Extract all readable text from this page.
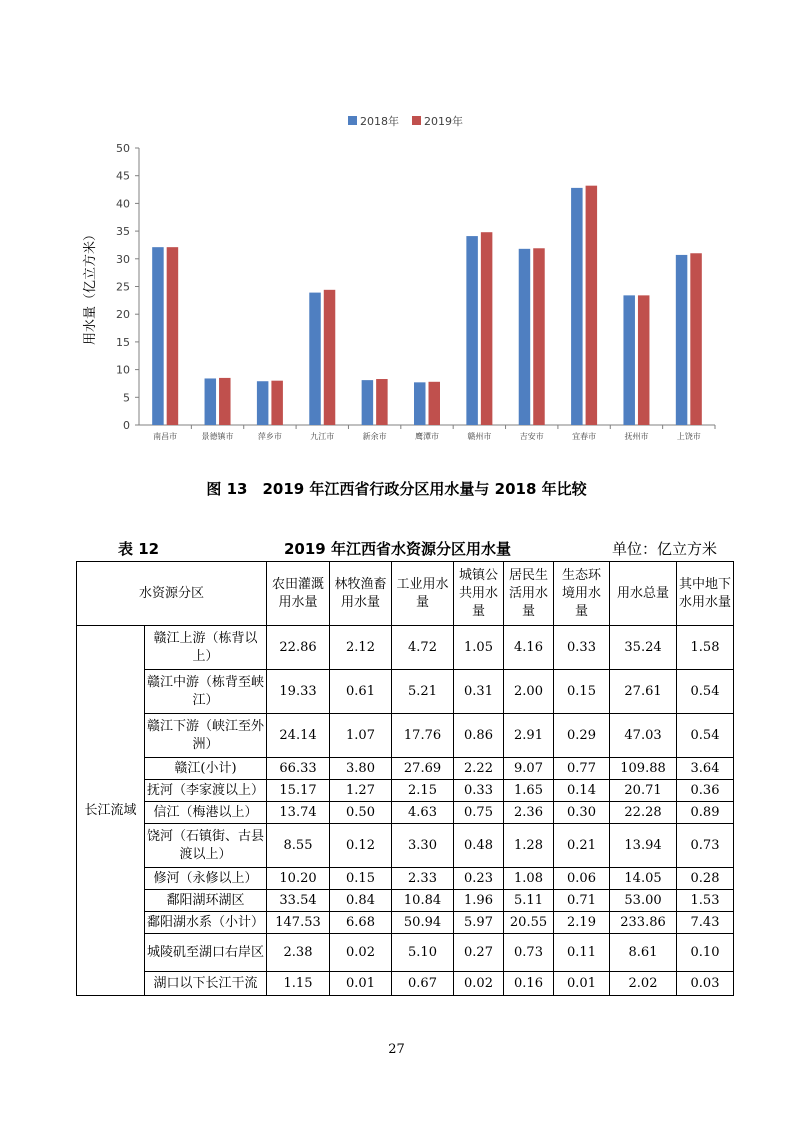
0
5
10
15
20
25
30
35
40
45
50
用水量（亿立方米）
南昌市	景德镇市	萍乡市	九江市	新余市	鹰潭市	赣州市	吉安市	宜春市	抚州市	上饶市
2018年 2019年
图 13　2019 年江西省行政分区用水量与 2018 年比较
表 12	2019 年江西省水资源分区用水量	单位：亿立方米
水资源分区		农田灌溉用水量	林牧渔畜用水量	工业用水量	城镇公共用水量	居民生活用水量	生态环境用水量	用水总量	其中地下水用水量
长江流域	赣江上游（栋背以上）	22.86	2.12	4.72	1.05	4.16	0.33	35.24	1.58
	赣江中游（栋背至峡江）	19.33	0.61	5.21	0.31	2.00	0.15	27.61	0.54
	赣江下游（峡江至外洲）	24.14	1.07	17.76	0.86	2.91	0.29	47.03	0.54
	赣江(小计)	66.33	3.80	27.69	2.22	9.07	0.77	109.88	3.64
	抚河（李家渡以上）	15.17	1.27	2.15	0.33	1.65	0.14	20.71	0.36
	信江（梅港以上）	13.74	0.50	4.63	0.75	2.36	0.30	22.28	0.89
	饶河（石镇街、古县渡以上）	8.55	0.12	3.30	0.48	1.28	0.21	13.94	0.73
	修河（永修以上）	10.20	0.15	2.33	0.23	1.08	0.06	14.05	0.28
	鄱阳湖环湖区	33.54	0.84	10.84	1.96	5.11	0.71	53.00	1.53
	鄱阳湖水系（小计）	147.53	6.68	50.94	5.97	20.55	2.19	233.86	7.43
	城陵矶至湖口右岸区	2.38	0.02	5.10	0.27	0.73	0.11	8.61	0.10
	湖口以下长江干流	1.15	0.01	0.67	0.02	0.16	0.01	2.02	0.03
27
